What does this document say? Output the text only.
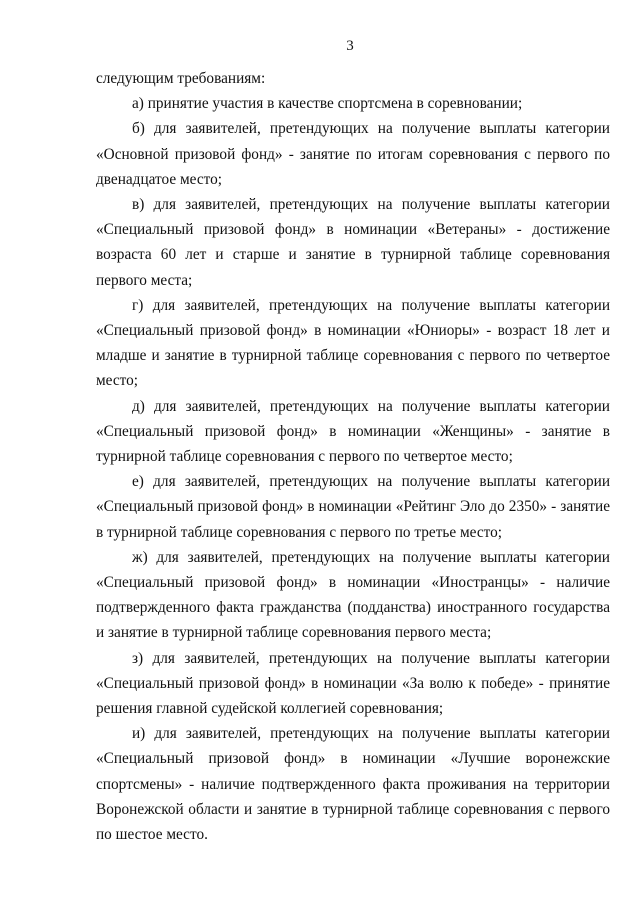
3

следующим требованиям:

а) принятие участия в качестве спортсмена в соревновании;

б) для заявителей, претендующих на получение выплаты категории «Основной призовой фонд» - занятие по итогам соревнования с первого по двенадцатое место;

в) для заявителей, претендующих на получение выплаты категории «Специальный призовой фонд» в номинации «Ветераны» - достижение возраста 60 лет и старше и занятие в турнирной таблице соревнования первого места;

г) для заявителей, претендующих на получение выплаты категории «Специальный призовой фонд» в номинации «Юниоры» - возраст 18 лет и младше и занятие в турнирной таблице соревнования с первого по четвертое место;

д) для заявителей, претендующих на получение выплаты категории «Специальный призовой фонд» в номинации «Женщины» - занятие в турнирной таблице соревнования с первого по четвертое место;

е) для заявителей, претендующих на получение выплаты категории «Специальный призовой фонд» в номинации «Рейтинг Эло до 2350» - занятие в турнирной таблице соревнования с первого по третье место;

ж) для заявителей, претендующих на получение выплаты категории «Специальный призовой фонд» в номинации «Иностранцы» - наличие подтвержденного факта гражданства (подданства) иностранного государства и занятие в турнирной таблице соревнования первого места;

з) для заявителей, претендующих на получение выплаты категории «Специальный призовой фонд» в номинации «За волю к победе» - принятие решения главной судейской коллегией соревнования;

и) для заявителей, претендующих на получение выплаты категории «Специальный призовой фонд» в номинации «Лучшие воронежские спортсмены» - наличие подтвержденного факта проживания на территории Воронежской области и занятие в турнирной таблице соревнования с первого по шестое место.
